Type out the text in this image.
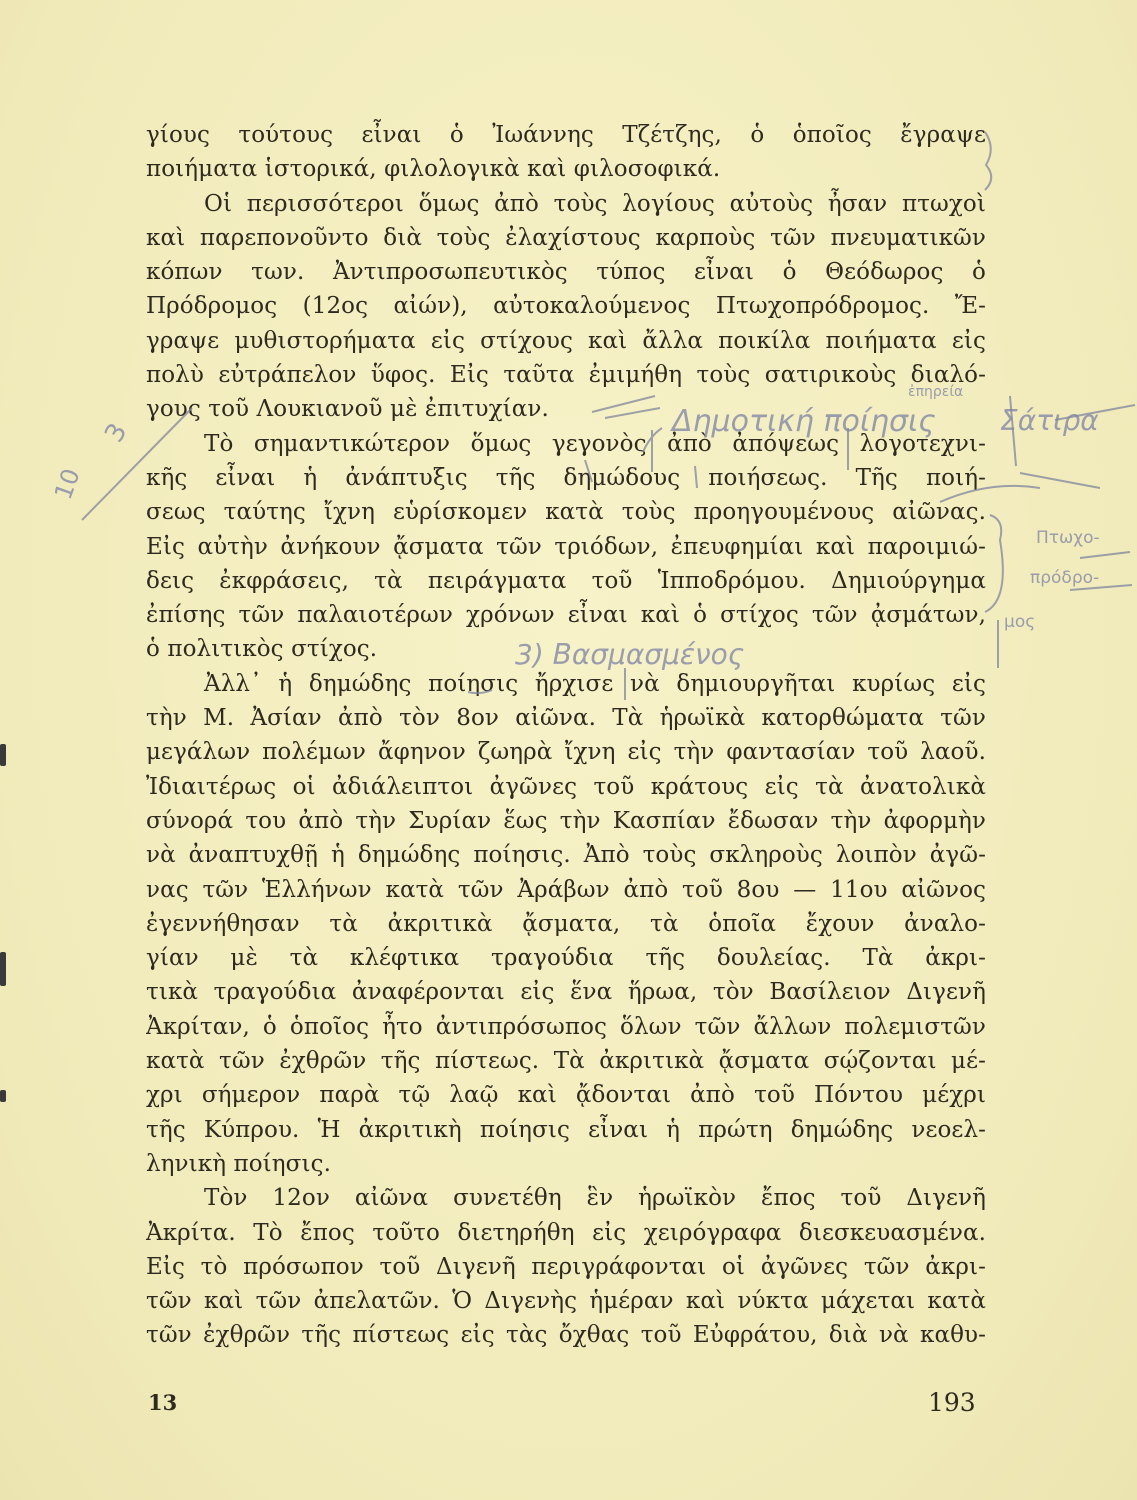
γίους τούτους εἶναι ὁ Ἰωάννης Τζέτζης, ὁ ὁποῖος ἔγραψε
ποιήματα ἱστορικά, φιλολογικὰ καὶ φιλοσοφικά.
Οἱ περισσότεροι ὅμως ἀπὸ τοὺς λογίους αὐτοὺς ἦσαν πτωχοὶ
καὶ παρεπονοῦντο διὰ τοὺς ἐλαχίστους καρποὺς τῶν πνευματικῶν
κόπων των. Ἀντιπροσωπευτικὸς τύπος εἶναι ὁ Θεόδωρος ὁ
Πρόδρομος (12ος αἰών), αὐτοκαλούμενος Πτωχοπρόδρομος. Ἔ-
γραψε μυθιστορήματα εἰς στίχους καὶ ἄλλα ποικίλα ποιήματα εἰς
πολὺ εὐτράπελον ὕφος. Εἰς ταῦτα ἐμιμήθη τοὺς σατιρικοὺς διαλό-
γους τοῦ Λουκιανοῦ μὲ ἐπιτυχίαν.
Τὸ σημαντικώτερον ὅμως γεγονὸς ἀπὸ ἀπόψεως λογοτεχνι-
κῆς εἶναι ἡ ἀνάπτυξις τῆς δημώδους ποιήσεως. Τῆς ποιή-
σεως ταύτης ἴχνη εὑρίσκομεν κατὰ τοὺς προηγουμένους αἰῶνας.
Εἰς αὐτὴν ἀνήκουν ᾄσματα τῶν τριόδων, ἐπευφημίαι καὶ παροιμιώ-
δεις ἐκφράσεις, τὰ πειράγματα τοῦ Ἱπποδρόμου. Δημιούργημα
ἐπίσης τῶν παλαιοτέρων χρόνων εἶναι καὶ ὁ στίχος τῶν ᾀσμάτων,
ὁ πολιτικὸς στίχος.
Ἀλλ᾽ ἡ δημώδης ποίησις ἤρχισε νὰ δημιουργῆται κυρίως εἰς
τὴν Μ. Ἀσίαν ἀπὸ τὸν 8ον αἰῶνα. Τὰ ἡρωϊκὰ κατορθώματα τῶν
μεγάλων πολέμων ἄφηνον ζωηρὰ ἴχνη εἰς τὴν φαντασίαν τοῦ λαοῦ.
Ἰδιαιτέρως οἱ ἀδιάλειπτοι ἀγῶνες τοῦ κράτους εἰς τὰ ἀνατολικὰ
σύνορά του ἀπὸ τὴν Συρίαν ἕως τὴν Κασπίαν ἔδωσαν τὴν ἀφορμὴν
νὰ ἀναπτυχθῇ ἡ δημώδης ποίησις. Ἀπὸ τοὺς σκληροὺς λοιπὸν ἀγῶ-
νας τῶν Ἑλλήνων κατὰ τῶν Ἀράβων ἀπὸ τοῦ 8ου — 11ου αἰῶνος
ἐγεννήθησαν τὰ ἀκριτικὰ ᾄσματα, τὰ ὁποῖα ἔχουν ἀναλο-
γίαν μὲ τὰ κλέφτικα τραγούδια τῆς δουλείας. Τὰ ἀκρι-
τικὰ τραγούδια ἀναφέρονται εἰς ἕνα ἥρωα, τὸν Βασίλειον Διγενῆ
Ἀκρίταν, ὁ ὁποῖος ἦτο ἀντιπρόσωπος ὅλων τῶν ἄλλων πολεμιστῶν
κατὰ τῶν ἐχθρῶν τῆς πίστεως. Τὰ ἀκριτικὰ ᾄσματα σῴζονται μέ-
χρι σήμερον παρὰ τῷ λαῷ καὶ ᾄδονται ἀπὸ τοῦ Πόντου μέχρι
τῆς Κύπρου. Ἡ ἀκριτικὴ ποίησις εἶναι ἡ πρώτη δημώδης νεοελ-
ληνικὴ ποίησις.
Τὸν 12ον αἰῶνα συνετέθη ἓν ἡρωϊκὸν ἔπος τοῦ Διγενῆ
Ἀκρίτα. Τὸ ἔπος τοῦτο διετηρήθη εἰς χειρόγραφα διεσκευασμένα.
Εἰς τὸ πρόσωπον τοῦ Διγενῆ περιγράφονται οἱ ἀγῶνες τῶν ἀκρι-
τῶν καὶ τῶν ἀπελατῶν. Ὁ Διγενὴς ἡμέραν καὶ νύκτα μάχεται κατὰ
τῶν ἐχθρῶν τῆς πίστεως εἰς τὰς ὄχθας τοῦ Εὐφράτου, διὰ νὰ καθυ-
13	193
10
3	Δημοτική ποίησις
ἐπηρεία
Σάτιρα
Πτωχο-
πρόδρο-
μος
3) Βασμασμένος
